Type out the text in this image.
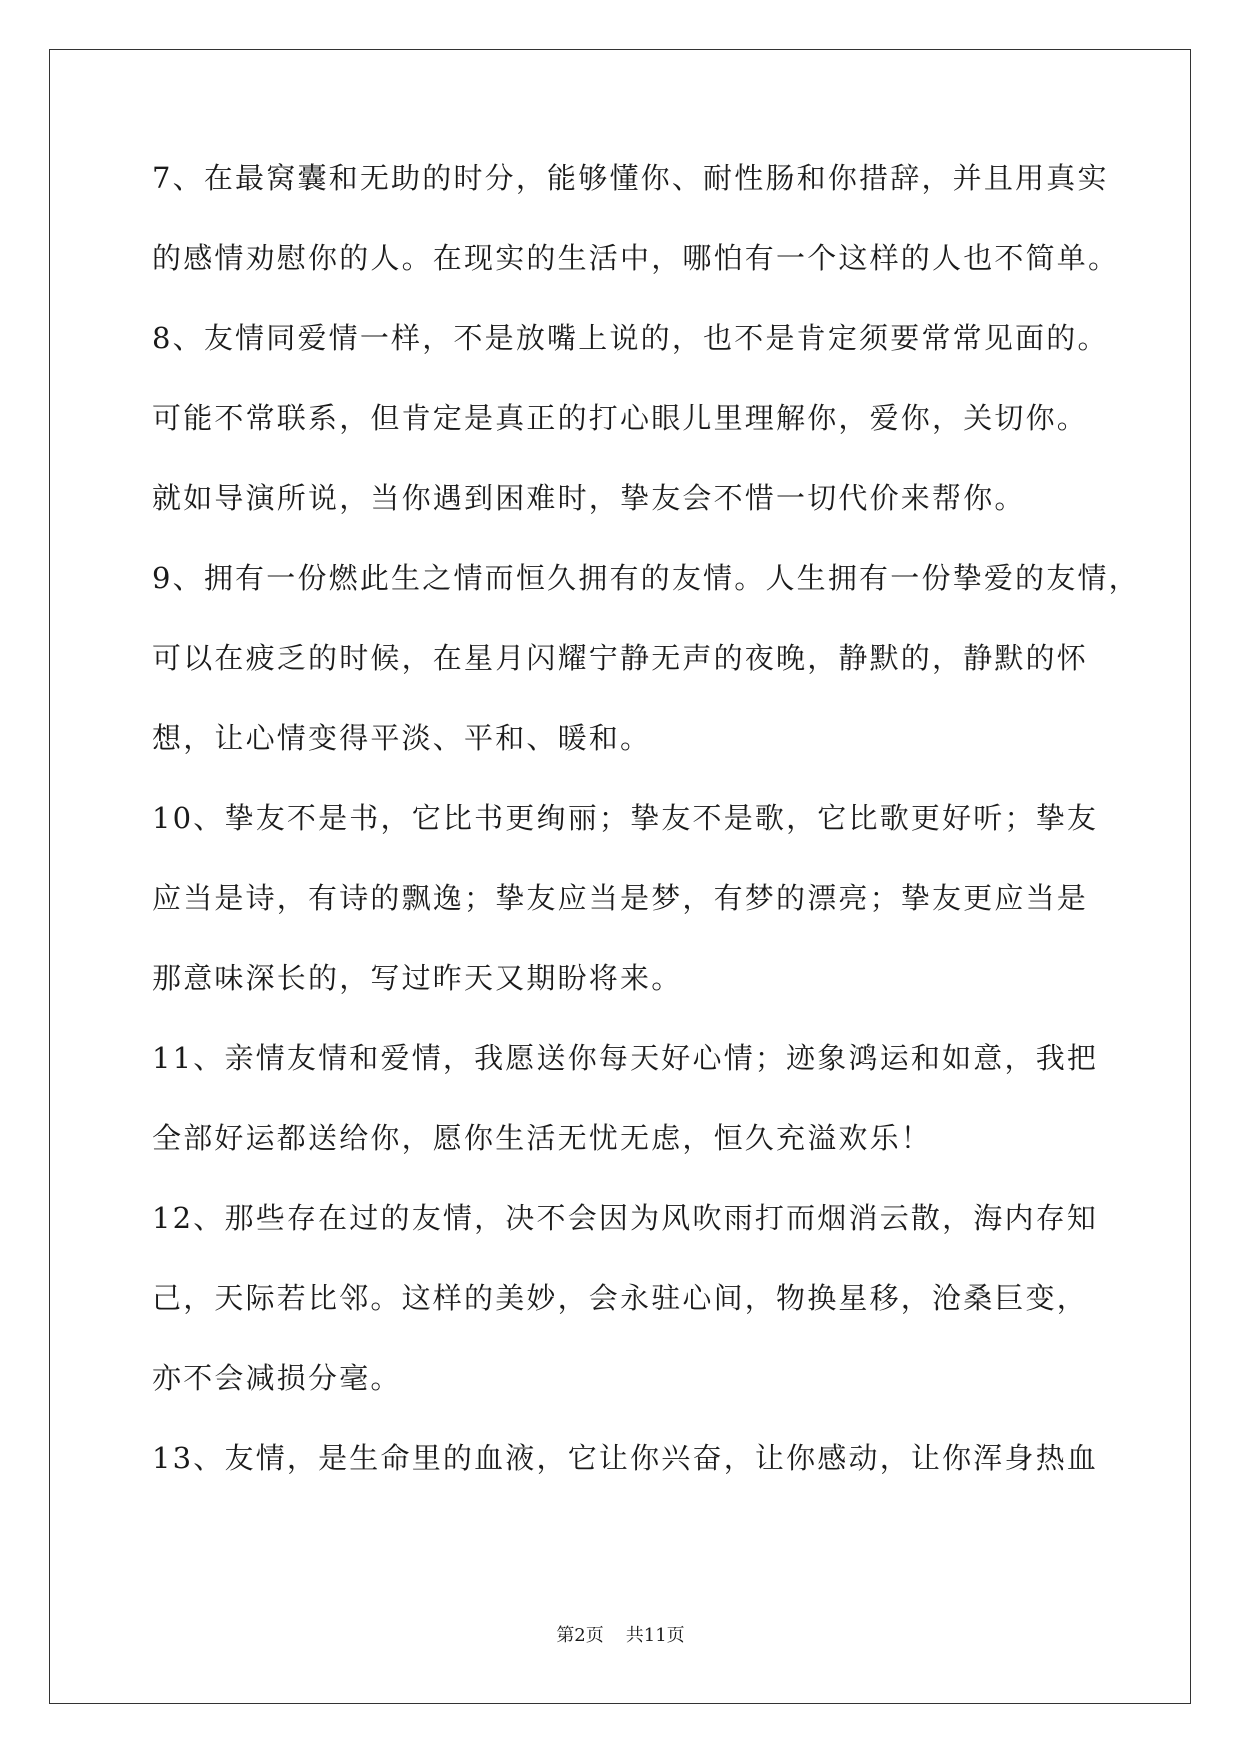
7、在最窝囊和无助的时分，能够懂你、耐性肠和你措辞，并且用真实
的感情劝慰你的人。在现实的生活中，哪怕有一个这样的人也不简单。
8、友情同爱情一样，不是放嘴上说的，也不是肯定须要常常见面的。
可能不常联系，但肯定是真正的打心眼儿里理解你，爱你，关切你。
就如导演所说，当你遇到困难时，挚友会不惜一切代价来帮你。
9、拥有一份燃此生之情而恒久拥有的友情。人生拥有一份挚爱的友情，
可以在疲乏的时候，在星月闪耀宁静无声的夜晚，静默的，静默的怀
想，让心情变得平淡、平和、暖和。
10、挚友不是书，它比书更绚丽；挚友不是歌，它比歌更好听；挚友
应当是诗，有诗的飘逸；挚友应当是梦，有梦的漂亮；挚友更应当是
那意味深长的，写过昨天又期盼将来。
11、亲情友情和爱情，我愿送你每天好心情；迹象鸿运和如意，我把
全部好运都送给你，愿你生活无忧无虑，恒久充溢欢乐！
12、那些存在过的友情，决不会因为风吹雨打而烟消云散，海内存知
己，天际若比邻。这样的美妙，会永驻心间，物换星移，沧桑巨变，
亦不会减损分毫。
13、友情，是生命里的血液，它让你兴奋，让你感动，让你浑身热血
第2页 共11页
